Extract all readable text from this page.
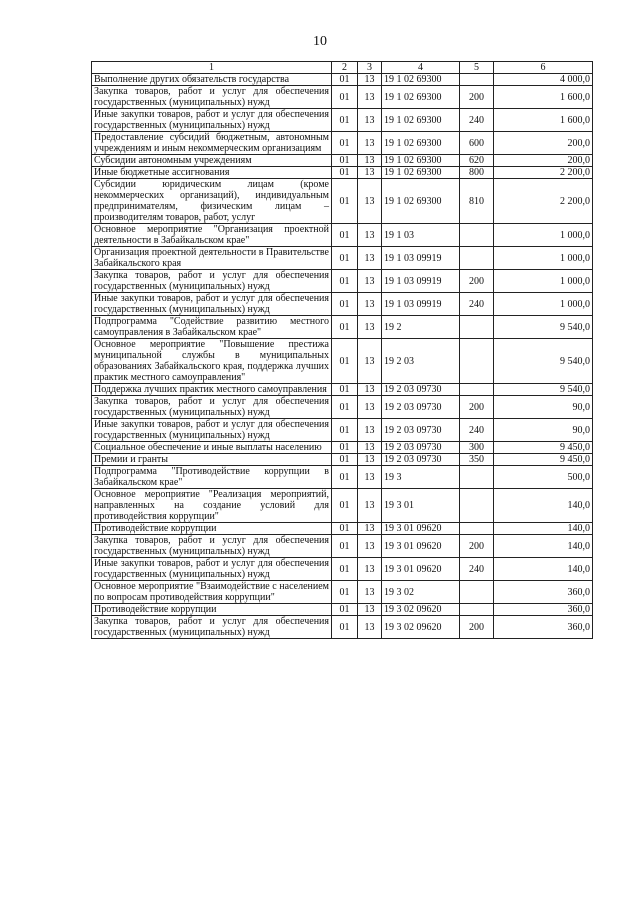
10
1	2	3	4	5	6
Выполнение других обязательств государства	01	13	19 1 02 69300		4 000,0
Закупка товаров, работ и услуг для обеспечения государственных (муниципальных) нужд	01	13	19 1 02 69300	200	1 600,0
Иные закупки товаров, работ и услуг для обеспечения государственных (муниципальных) нужд	01	13	19 1 02 69300	240	1 600,0
Предоставление субсидий бюджетным, автономным учреждениям и иным некоммерческим организациям	01	13	19 1 02 69300	600	200,0
Субсидии автономным учреждениям	01	13	19 1 02 69300	620	200,0
Иные бюджетные ассигнования	01	13	19 1 02 69300	800	2 200,0
Субсидии юридическим лицам (кроме некоммерческих организаций), индивидуальным предпринимателям, физическим лицам – производителям товаров, работ, услуг	01	13	19 1 02 69300	810	2 200,0
Основное мероприятие "Организация проектной деятельности в Забайкальском крае"	01	13	19 1 03		1 000,0
Организация проектной деятельности в Правительстве Забайкальского края	01	13	19 1 03 09919		1 000,0
Закупка товаров, работ и услуг для обеспечения государственных (муниципальных) нужд	01	13	19 1 03 09919	200	1 000,0
Иные закупки товаров, работ и услуг для обеспечения государственных (муниципальных) нужд	01	13	19 1 03 09919	240	1 000,0
Подпрограмма "Содействие развитию местного самоуправления в Забайкальском крае"	01	13	19 2		9 540,0
Основное мероприятие "Повышение престижа муниципальной службы в муниципальных образованиях Забайкальского края, поддержка лучших практик местного самоуправления"	01	13	19 2 03		9 540,0
Поддержка лучших практик местного самоуправления	01	13	19 2 03 09730		9 540,0
Закупка товаров, работ и услуг для обеспечения государственных (муниципальных) нужд	01	13	19 2 03 09730	200	90,0
Иные закупки товаров, работ и услуг для обеспечения государственных (муниципальных) нужд	01	13	19 2 03 09730	240	90,0
Социальное обеспечение и иные выплаты населению	01	13	19 2 03 09730	300	9 450,0
Премии и гранты	01	13	19 2 03 09730	350	9 450,0
Подпрограмма "Противодействие коррупции в Забайкальском крае"	01	13	19 3		500,0
Основное мероприятие "Реализация мероприятий, направленных на создание условий для противодействия коррупции"	01	13	19 3 01		140,0
Противодействие коррупции	01	13	19 3 01 09620		140,0
Закупка товаров, работ и услуг для обеспечения государственных (муниципальных) нужд	01	13	19 3 01 09620	200	140,0
Иные закупки товаров, работ и услуг для обеспечения государственных (муниципальных) нужд	01	13	19 3 01 09620	240	140,0
Основное мероприятие "Взаимодействие с населением по вопросам противодействия коррупции"	01	13	19 3 02		360,0
Противодействие коррупции	01	13	19 3 02 09620		360,0
Закупка товаров, работ и услуг для обеспечения государственных (муниципальных) нужд	01	13	19 3 02 09620	200	360,0
